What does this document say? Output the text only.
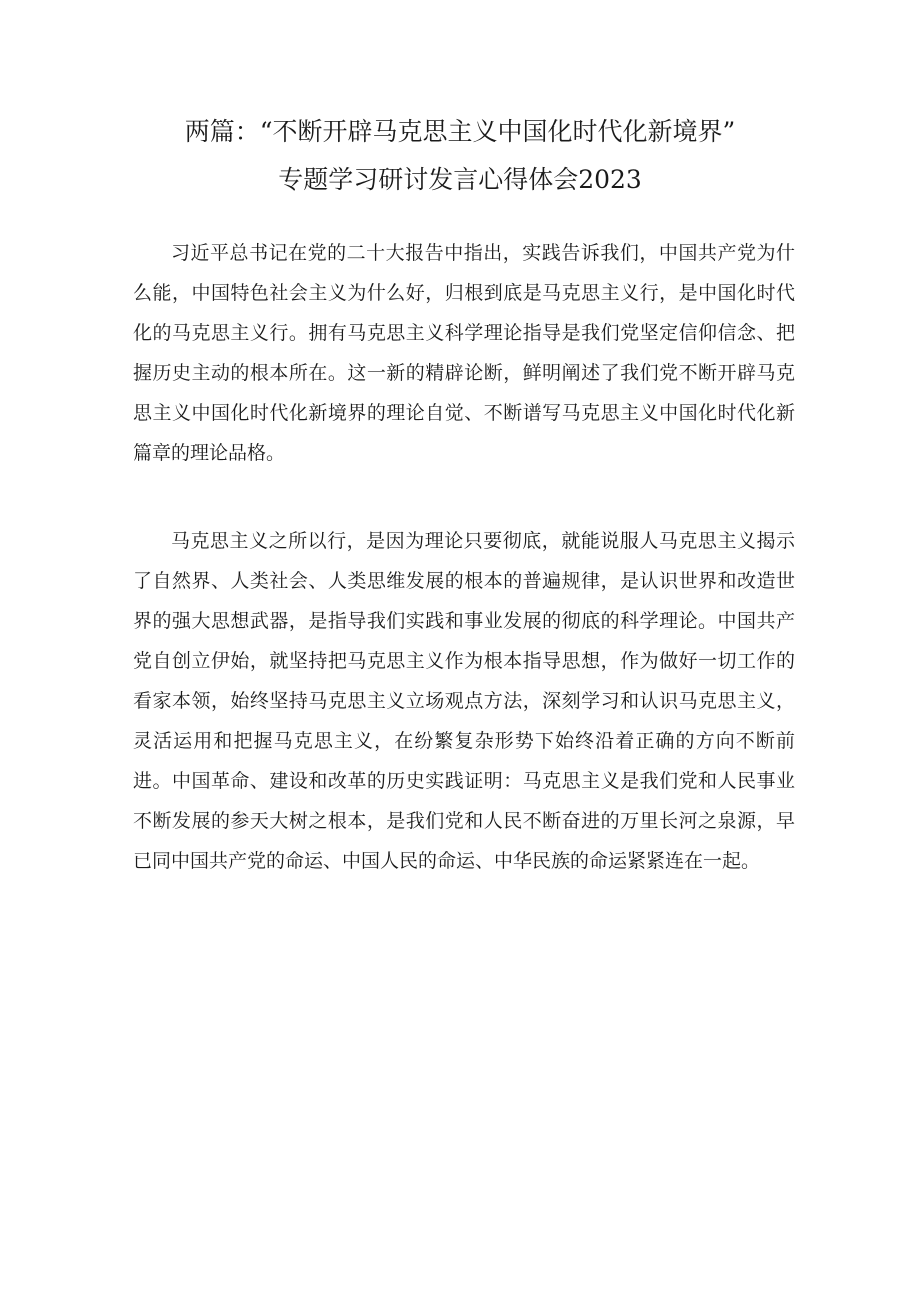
两篇：“不断开辟马克思主义中国化时代化新境界”
专题学习研讨发言心得体会2023

习近平总书记在党的二十大报告中指出，实践告诉我们，中国共产党为什么能，中国特色社会主义为什么好，归根到底是马克思主义行，是中国化时代化的马克思主义行。拥有马克思主义科学理论指导是我们党坚定信仰信念、把握历史主动的根本所在。这一新的精辟论断，鲜明阐述了我们党不断开辟马克思主义中国化时代化新境界的理论自觉、不断谱写马克思主义中国化时代化新篇章的理论品格。

马克思主义之所以行，是因为理论只要彻底，就能说服人马克思主义揭示了自然界、人类社会、人类思维发展的根本的普遍规律，是认识世界和改造世界的强大思想武器，是指导我们实践和事业发展的彻底的科学理论。中国共产党自创立伊始，就坚持把马克思主义作为根本指导思想，作为做好一切工作的看家本领，始终坚持马克思主义立场观点方法，深刻学习和认识马克思主义，灵活运用和把握马克思主义，在纷繁复杂形势下始终沿着正确的方向不断前进。中国革命、建设和改革的历史实践证明：马克思主义是我们党和人民事业不断发展的参天大树之根本，是我们党和人民不断奋进的万里长河之泉源，早已同中国共产党的命运、中国人民的命运、中华民族的命运紧紧连在一起。
